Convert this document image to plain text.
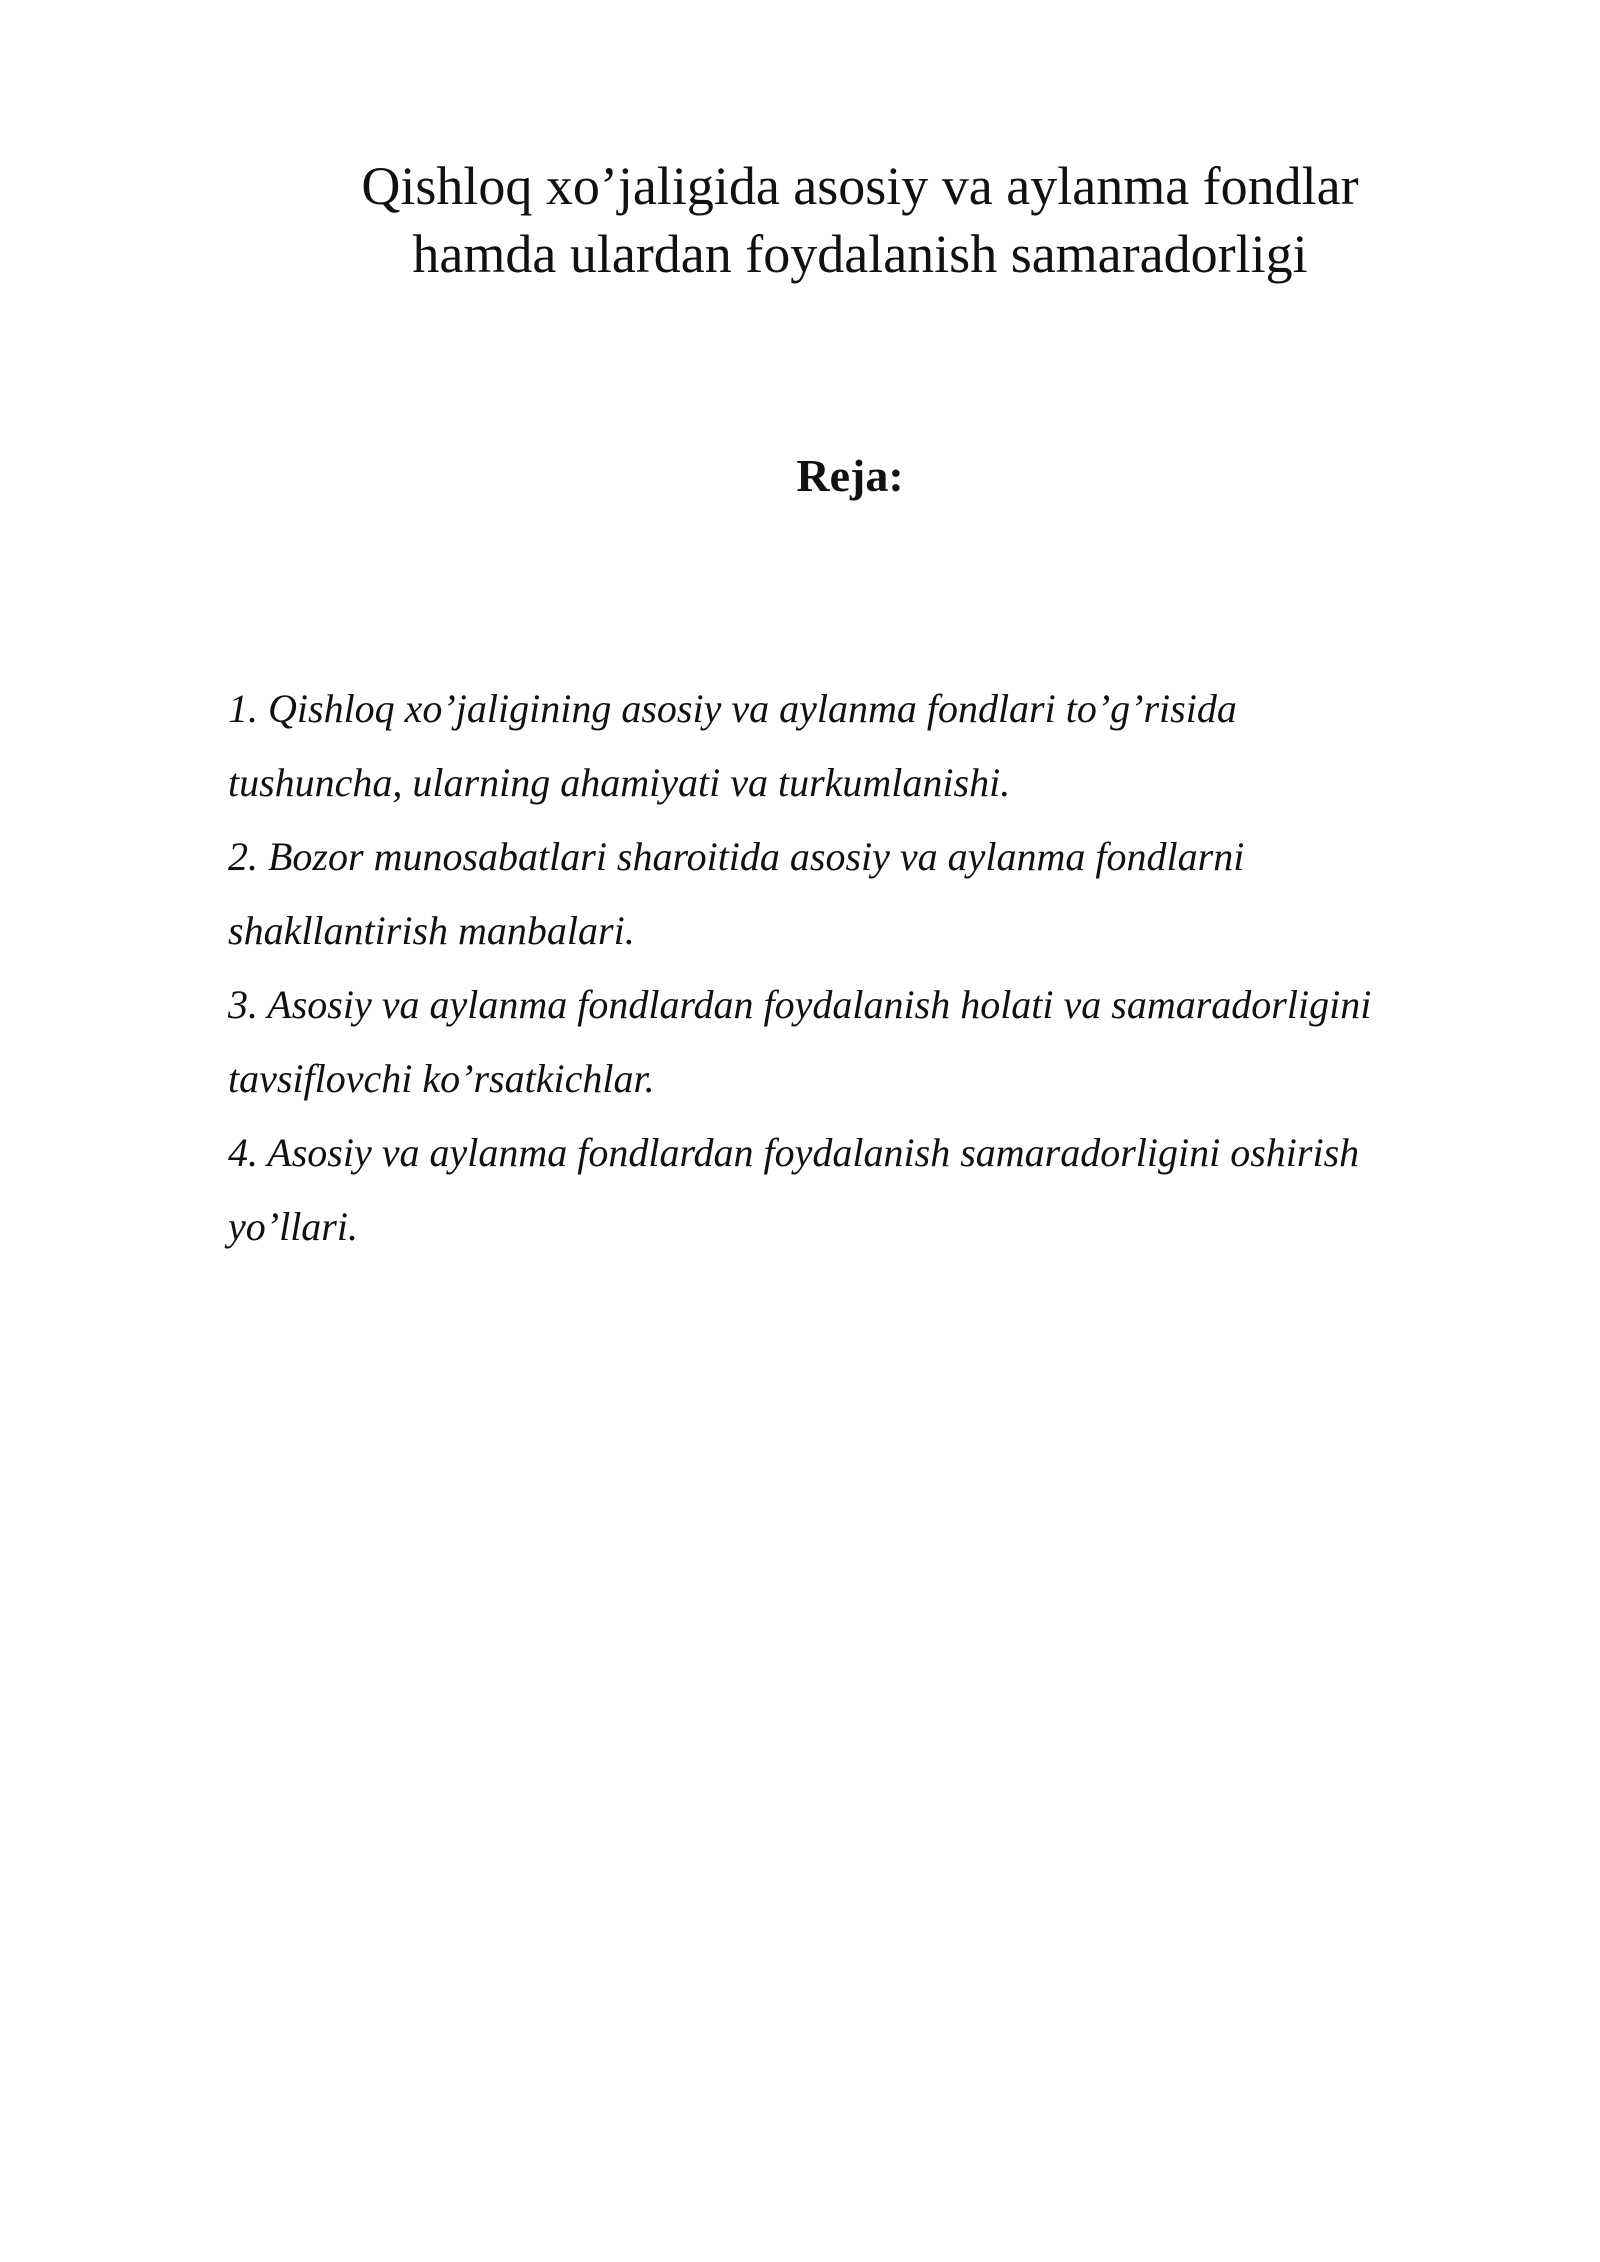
Qishloq xo’jaligida asosiy va aylanma fondlar
hamda ulardan foydalanish samaradorligi
Reja:
1. Qishloq xo’jaligining asosiy va aylanma fondlari to’g’risida
tushuncha, ularning ahamiyati va turkumlanishi.
2. Bozor munosabatlari sharoitida asosiy va aylanma fondlarni
shakllantirish manbalari.
3. Asosiy va aylanma fondlardan foydalanish holati va samaradorligini
tavsiflovchi ko’rsatkichlar.
4. Asosiy va aylanma fondlardan foydalanish samaradorligini oshirish
yo’llari.
